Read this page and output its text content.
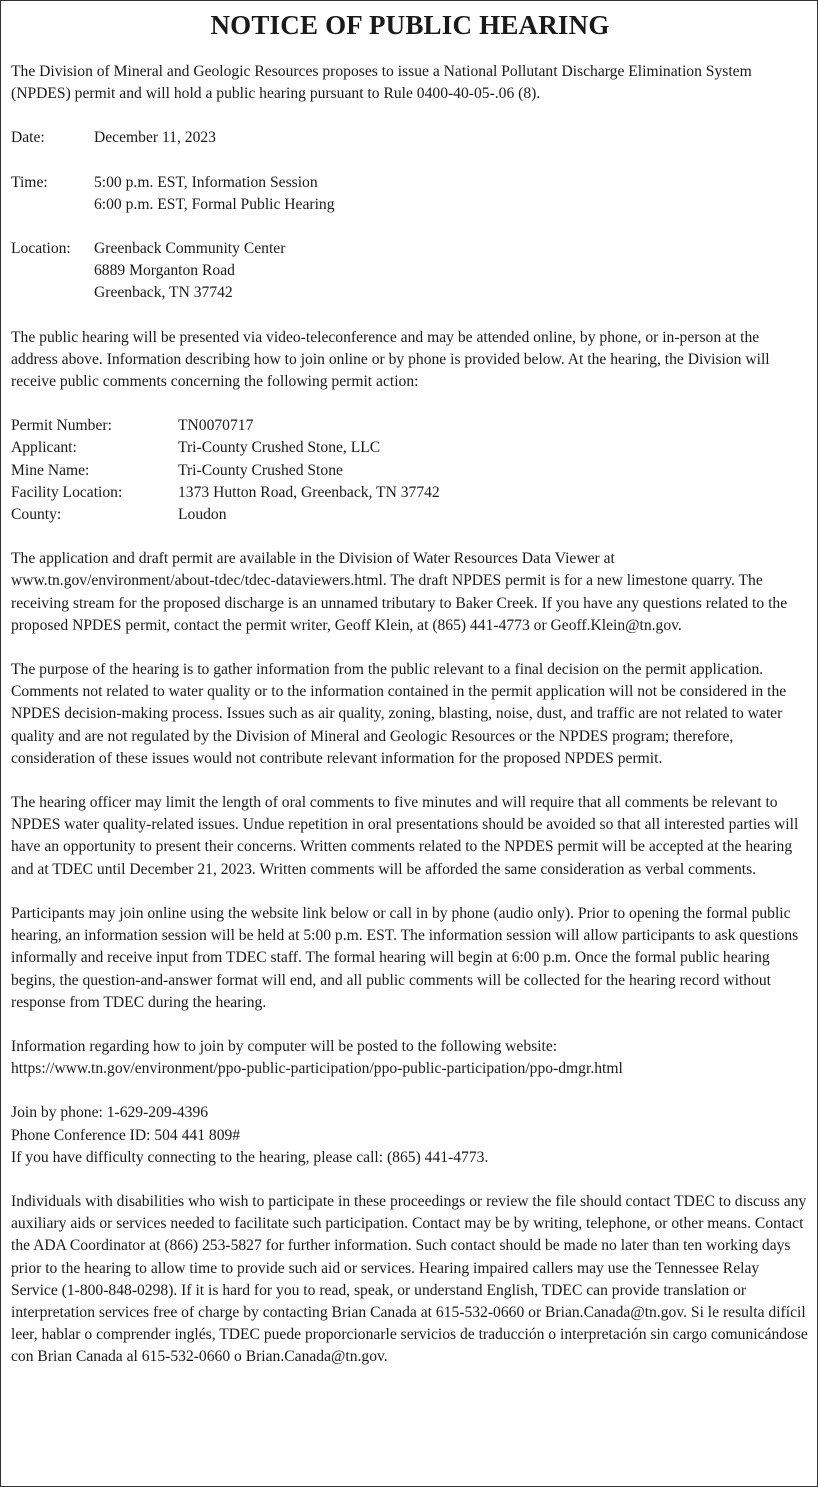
NOTICE OF PUBLIC HEARING

The Division of Mineral and Geologic Resources proposes to issue a National Pollutant Discharge Elimination System (NPDES) permit and will hold a public hearing pursuant to Rule 0400-40-05-.06 (8).

Date:	December 11, 2023
Time:	5:00 p.m. EST, Information Session
6:00 p.m. EST, Formal Public Hearing
Location:	Greenback Community Center
6889 Morganton Road
Greenback, TN 37742

The public hearing will be presented via video-teleconference and may be attended online, by phone, or in-person at the address above. Information describing how to join online or by phone is provided below. At the hearing, the Division will receive public comments concerning the following permit action:

Permit Number:	TN0070717
Applicant:	Tri-County Crushed Stone, LLC
Mine Name:	Tri-County Crushed Stone
Facility Location:	1373 Hutton Road, Greenback, TN 37742
County:	Loudon

The application and draft permit are available in the Division of Water Resources Data Viewer at www.tn.gov/environment/about-tdec/tdec-dataviewers.html. The draft NPDES permit is for a new limestone quarry. The receiving stream for the proposed discharge is an unnamed tributary to Baker Creek. If you have any questions related to the proposed NPDES permit, contact the permit writer, Geoff Klein, at (865) 441-4773 or Geoff.Klein@tn.gov.

The purpose of the hearing is to gather information from the public relevant to a final decision on the permit application. Comments not related to water quality or to the information contained in the permit application will not be considered in the NPDES decision-making process. Issues such as air quality, zoning, blasting, noise, dust, and traffic are not related to water quality and are not regulated by the Division of Mineral and Geologic Resources or the NPDES program; therefore, consideration of these issues would not contribute relevant information for the proposed NPDES permit.

The hearing officer may limit the length of oral comments to five minutes and will require that all comments be relevant to NPDES water quality-related issues. Undue repetition in oral presentations should be avoided so that all interested parties will have an opportunity to present their concerns. Written comments related to the NPDES permit will be accepted at the hearing and at TDEC until December 21, 2023. Written comments will be afforded the same consideration as verbal comments.

Participants may join online using the website link below or call in by phone (audio only). Prior to opening the formal public hearing, an information session will be held at 5:00 p.m. EST. The information session will allow participants to ask questions informally and receive input from TDEC staff. The formal hearing will begin at 6:00 p.m. Once the formal public hearing begins, the question-and-answer format will end, and all public comments will be collected for the hearing record without response from TDEC during the hearing.

Information regarding how to join by computer will be posted to the following website:

https://www.tn.gov/environment/ppo-public-participation/ppo-public-participation/ppo-dmgr.html

Join by phone: 1-629-209-4396

Phone Conference ID: 504 441 809#

If you have difficulty connecting to the hearing, please call: (865) 441-4773.

Individuals with disabilities who wish to participate in these proceedings or review the file should contact TDEC to discuss any auxiliary aids or services needed to facilitate such participation. Contact may be by writing, telephone, or other means. Contact the ADA Coordinator at (866) 253-5827 for further information. Such contact should be made no later than ten working days prior to the hearing to allow time to provide such aid or services. Hearing impaired callers may use the Tennessee Relay Service (1-800-848-0298). If it is hard for you to read, speak, or understand English, TDEC can provide translation or interpretation services free of charge by contacting Brian Canada at 615-532-0660 or Brian.Canada@tn.gov. Si le resulta difícil leer, hablar o comprender inglés, TDEC puede proporcionarle servicios de traducción o interpretación sin cargo comunicándose con Brian Canada al 615-532-0660 o Brian.Canada@tn.gov.
